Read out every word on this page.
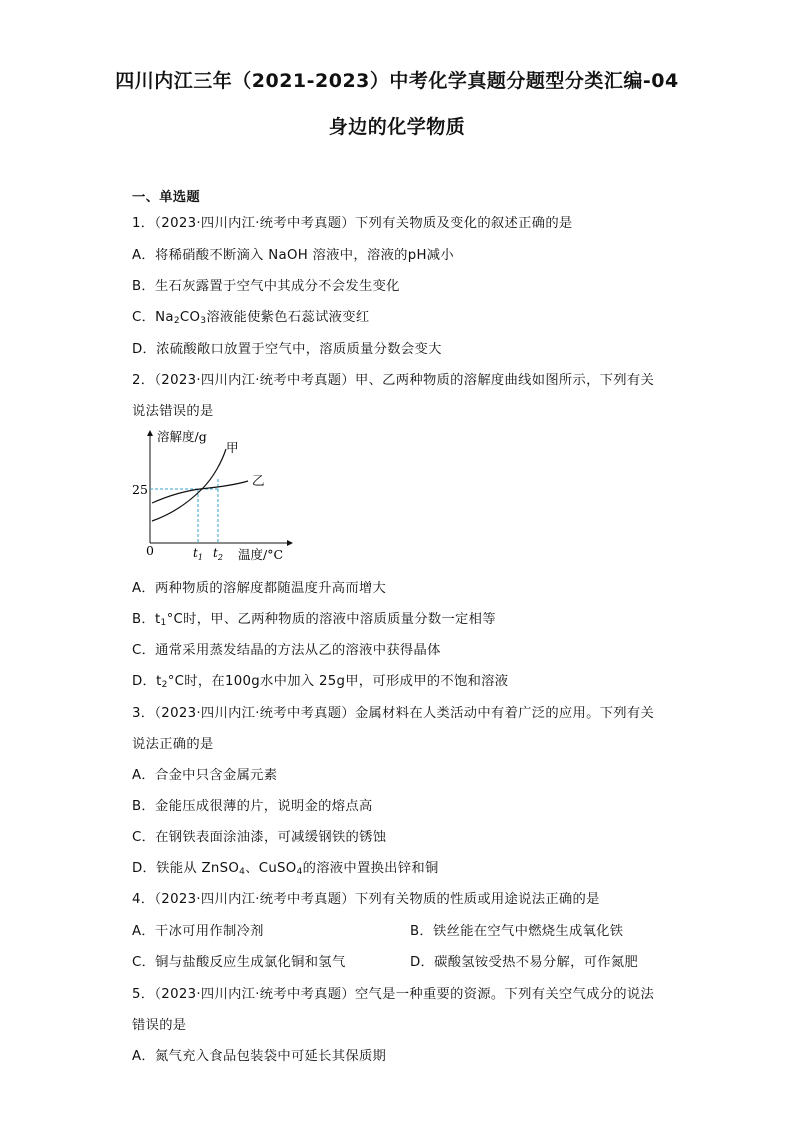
四川内江三年（2021-2023）中考化学真题分题型分类汇编-04
身边的化学物质
一、单选题
1．（2023·四川内江·统考中考真题）下列有关物质及变化的叙述正确的是
A．将稀硝酸不断滴入 NaOH 溶液中，溶液的pH减小
B．生石灰露置于空气中其成分不会发生变化
C．$Na_2CO_3$溶液能使紫色石蕊试液变红
D．浓硫酸敞口放置于空气中，溶质质量分数会变大
2．（2023·四川内江·统考中考真题）甲、乙两种物质的溶解度曲线如图所示，下列有关
说法错误的是
溶解度/g
甲
乙
25
0	$t_1$ $t_2$ 温度/°C
A．两种物质的溶解度都随温度升高而增大
B．$t_1^\circ C$时，甲、乙两种物质的溶液中溶质质量分数一定相等
C．通常采用蒸发结晶的方法从乙的溶液中获得晶体
D．$t_2^\circ C$时，在100g水中加入 25g甲，可形成甲的不饱和溶液
3．（2023·四川内江·统考中考真题）金属材料在人类活动中有着广泛的应用。下列有关
说法正确的是
A．合金中只含金属元素
B．金能压成很薄的片，说明金的熔点高
C．在钢铁表面涂油漆，可减缓钢铁的锈蚀
D．铁能从 ZnSO$_4$、CuSO$_4$的溶液中置换出锌和铜
4．（2023·四川内江·统考中考真题）下列有关物质的性质或用途说法正确的是
A．干冰可用作制冷剂	B．铁丝能在空气中燃烧生成氧化铁
C．铜与盐酸反应生成氯化铜和氢气	D．碳酸氢铵受热不易分解，可作氮肥
5．（2023·四川内江·统考中考真题）空气是一种重要的资源。下列有关空气成分的说法
错误的是
A．氮气充入食品包装袋中可延长其保质期
